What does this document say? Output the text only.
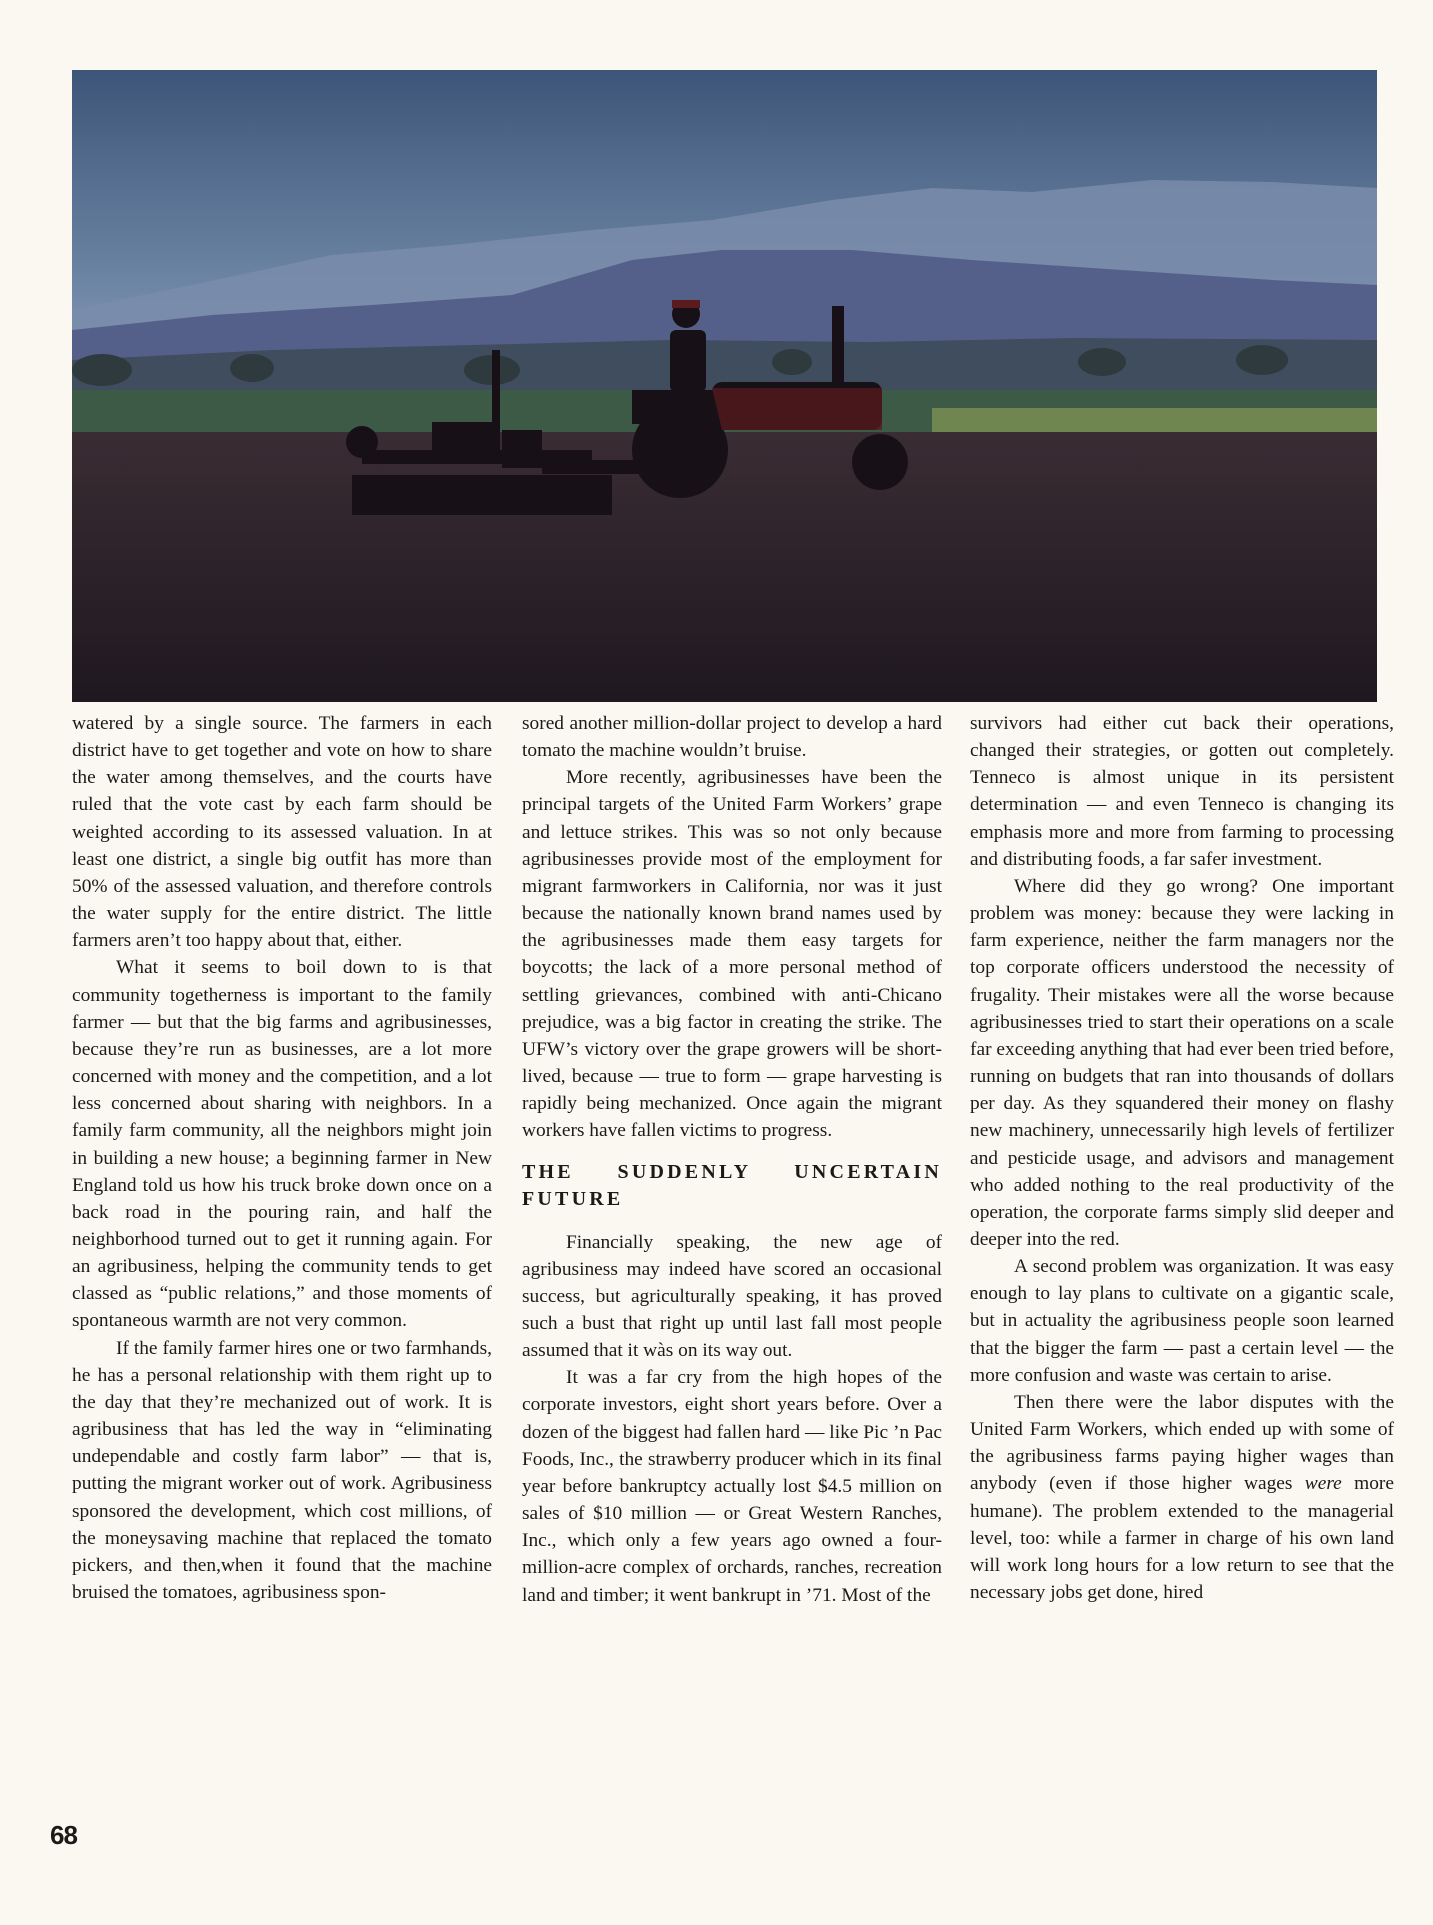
watered by a single source. The farmers in each district have to get together and vote on how to share the water among themselves, and the courts have ruled that the vote cast by each farm should be weighted according to its assessed valuation. In at least one district, a single big outfit has more than 50% of the assessed valuation, and therefore controls the water supply for the entire district. The little farmers aren’t too happy about that, either.

What it seems to boil down to is that community togetherness is important to the family farmer — but that the big farms and agribusinesses, because they’re run as businesses, are a lot more concerned with money and the competition, and a lot less concerned about sharing with neighbors. In a family farm community, all the neighbors might join in building a new house; a beginning farmer in New England told us how his truck broke down once on a back road in the pouring rain, and half the neighborhood turned out to get it running again. For an agribusiness, helping the community tends to get classed as “public relations,” and those moments of spontaneous warmth are not very common.

If the family farmer hires one or two farmhands, he has a personal relationship with them right up to the day that they’re mechanized out of work. It is agribusiness that has led the way in “eliminating undependable and costly farm labor” — that is, putting the migrant worker out of work. Agribusiness sponsored the development, which cost millions, of the moneysaving machine that replaced the tomato pickers, and then,when it found that the machine bruised the tomatoes, agribusiness spon-

sored another million-dollar project to develop a hard tomato the machine wouldn’t bruise.

More recently, agribusinesses have been the principal targets of the United Farm Workers’ grape and lettuce strikes. This was so not only because agribusinesses provide most of the employment for migrant farmworkers in California, nor was it just because the nationally known brand names used by the agribusinesses made them easy targets for boycotts; the lack of a more personal method of settling grievances, combined with anti-Chicano prejudice, was a big factor in creating the strike. The UFW’s victory over the grape growers will be short-lived, because — true to form — grape harvesting is rapidly being mechanized. Once again the migrant workers have fallen victims to progress.

THE SUDDENLY UNCERTAIN
FUTURE

Financially speaking, the new age of agribusiness may indeed have scored an occasional success, but agriculturally speaking, it has proved such a bust that right up until last fall most people assumed that it wàs on its way out.

It was a far cry from the high hopes of the corporate investors, eight short years before. Over a dozen of the biggest had fallen hard — like Pic ’n Pac Foods, Inc., the strawberry producer which in its final year before bankruptcy actually lost $4.5 million on sales of $10 million — or Great Western Ranches, Inc., which only a few years ago owned a four-million-acre complex of orchards, ranches, recreation land and timber; it went bankrupt in ’71. Most of the

survivors had either cut back their operations, changed their strategies, or gotten out completely. Tenneco is almost unique in its persistent determination — and even Tenneco is changing its emphasis more and more from farming to processing and distributing foods, a far safer investment.

Where did they go wrong? One important problem was money: because they were lacking in farm experience, neither the farm managers nor the top corporate officers understood the necessity of frugality. Their mistakes were all the worse because agribusinesses tried to start their operations on a scale far exceeding anything that had ever been tried before, running on budgets that ran into thousands of dollars per day. As they squandered their money on flashy new machinery, unnecessarily high levels of fertilizer and pesticide usage, and advisors and management who added nothing to the real productivity of the operation, the corporate farms simply slid deeper and deeper into the red.

A second problem was organization. It was easy enough to lay plans to cultivate on a gigantic scale, but in actuality the agribusiness people soon learned that the bigger the farm — past a certain level — the more confusion and waste was certain to arise.

Then there were the labor disputes with the United Farm Workers, which ended up with some of the agribusiness farms paying higher wages than anybody (even if those higher wages were more humane). The problem extended to the managerial level, too: while a farmer in charge of his own land will work long hours for a low return to see that the necessary jobs get done, hired

68
